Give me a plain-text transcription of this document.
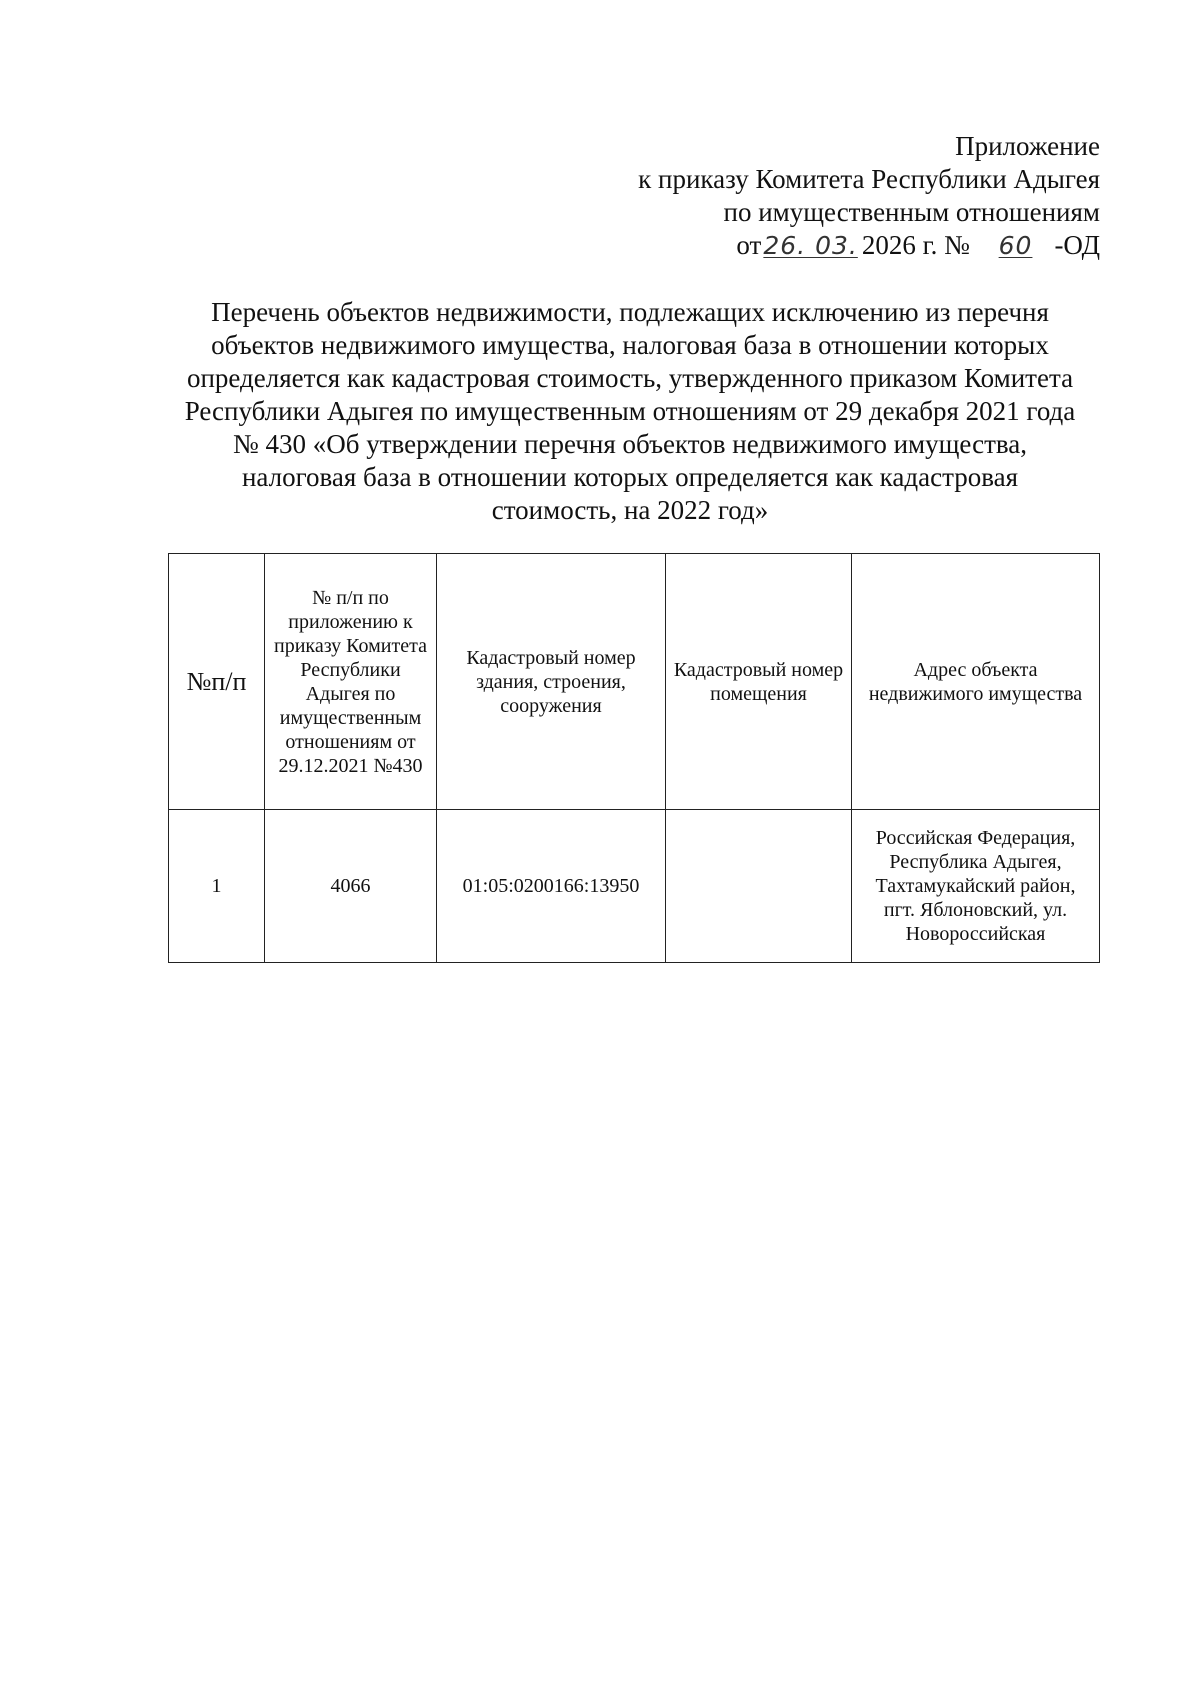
Приложение
к приказу Комитета Республики Адыгея
по имущественным отношениям
от26. 03. 2026 г. № 60 -ОД
Перечень объектов недвижимости, подлежащих исключению из перечня объектов недвижимого имущества, налоговая база в отношении которых определяется как кадастровая стоимость, утвержденного приказом Комитета Республики Адыгея по имущественным отношениям от 29 декабря 2021 года № 430 «Об утверждении перечня объектов недвижимого имущества, налоговая база в отношении которых определяется как кадастровая стоимость, на 2022 год»
№п/п	№ п/п по приложению к приказу Комитета Республики Адыгея по имущественным отношениям от 29.12.2021 №430	Кадастровый номер здания, строения, сооружения	Кадастровый номер помещения	Адрес объекта недвижимого имущества
1	4066	01:05:0200166:13950		Российская Федерация, Республика Адыгея, Тахтамукайский район, пгт. Яблоновский, ул. Новороссийская
